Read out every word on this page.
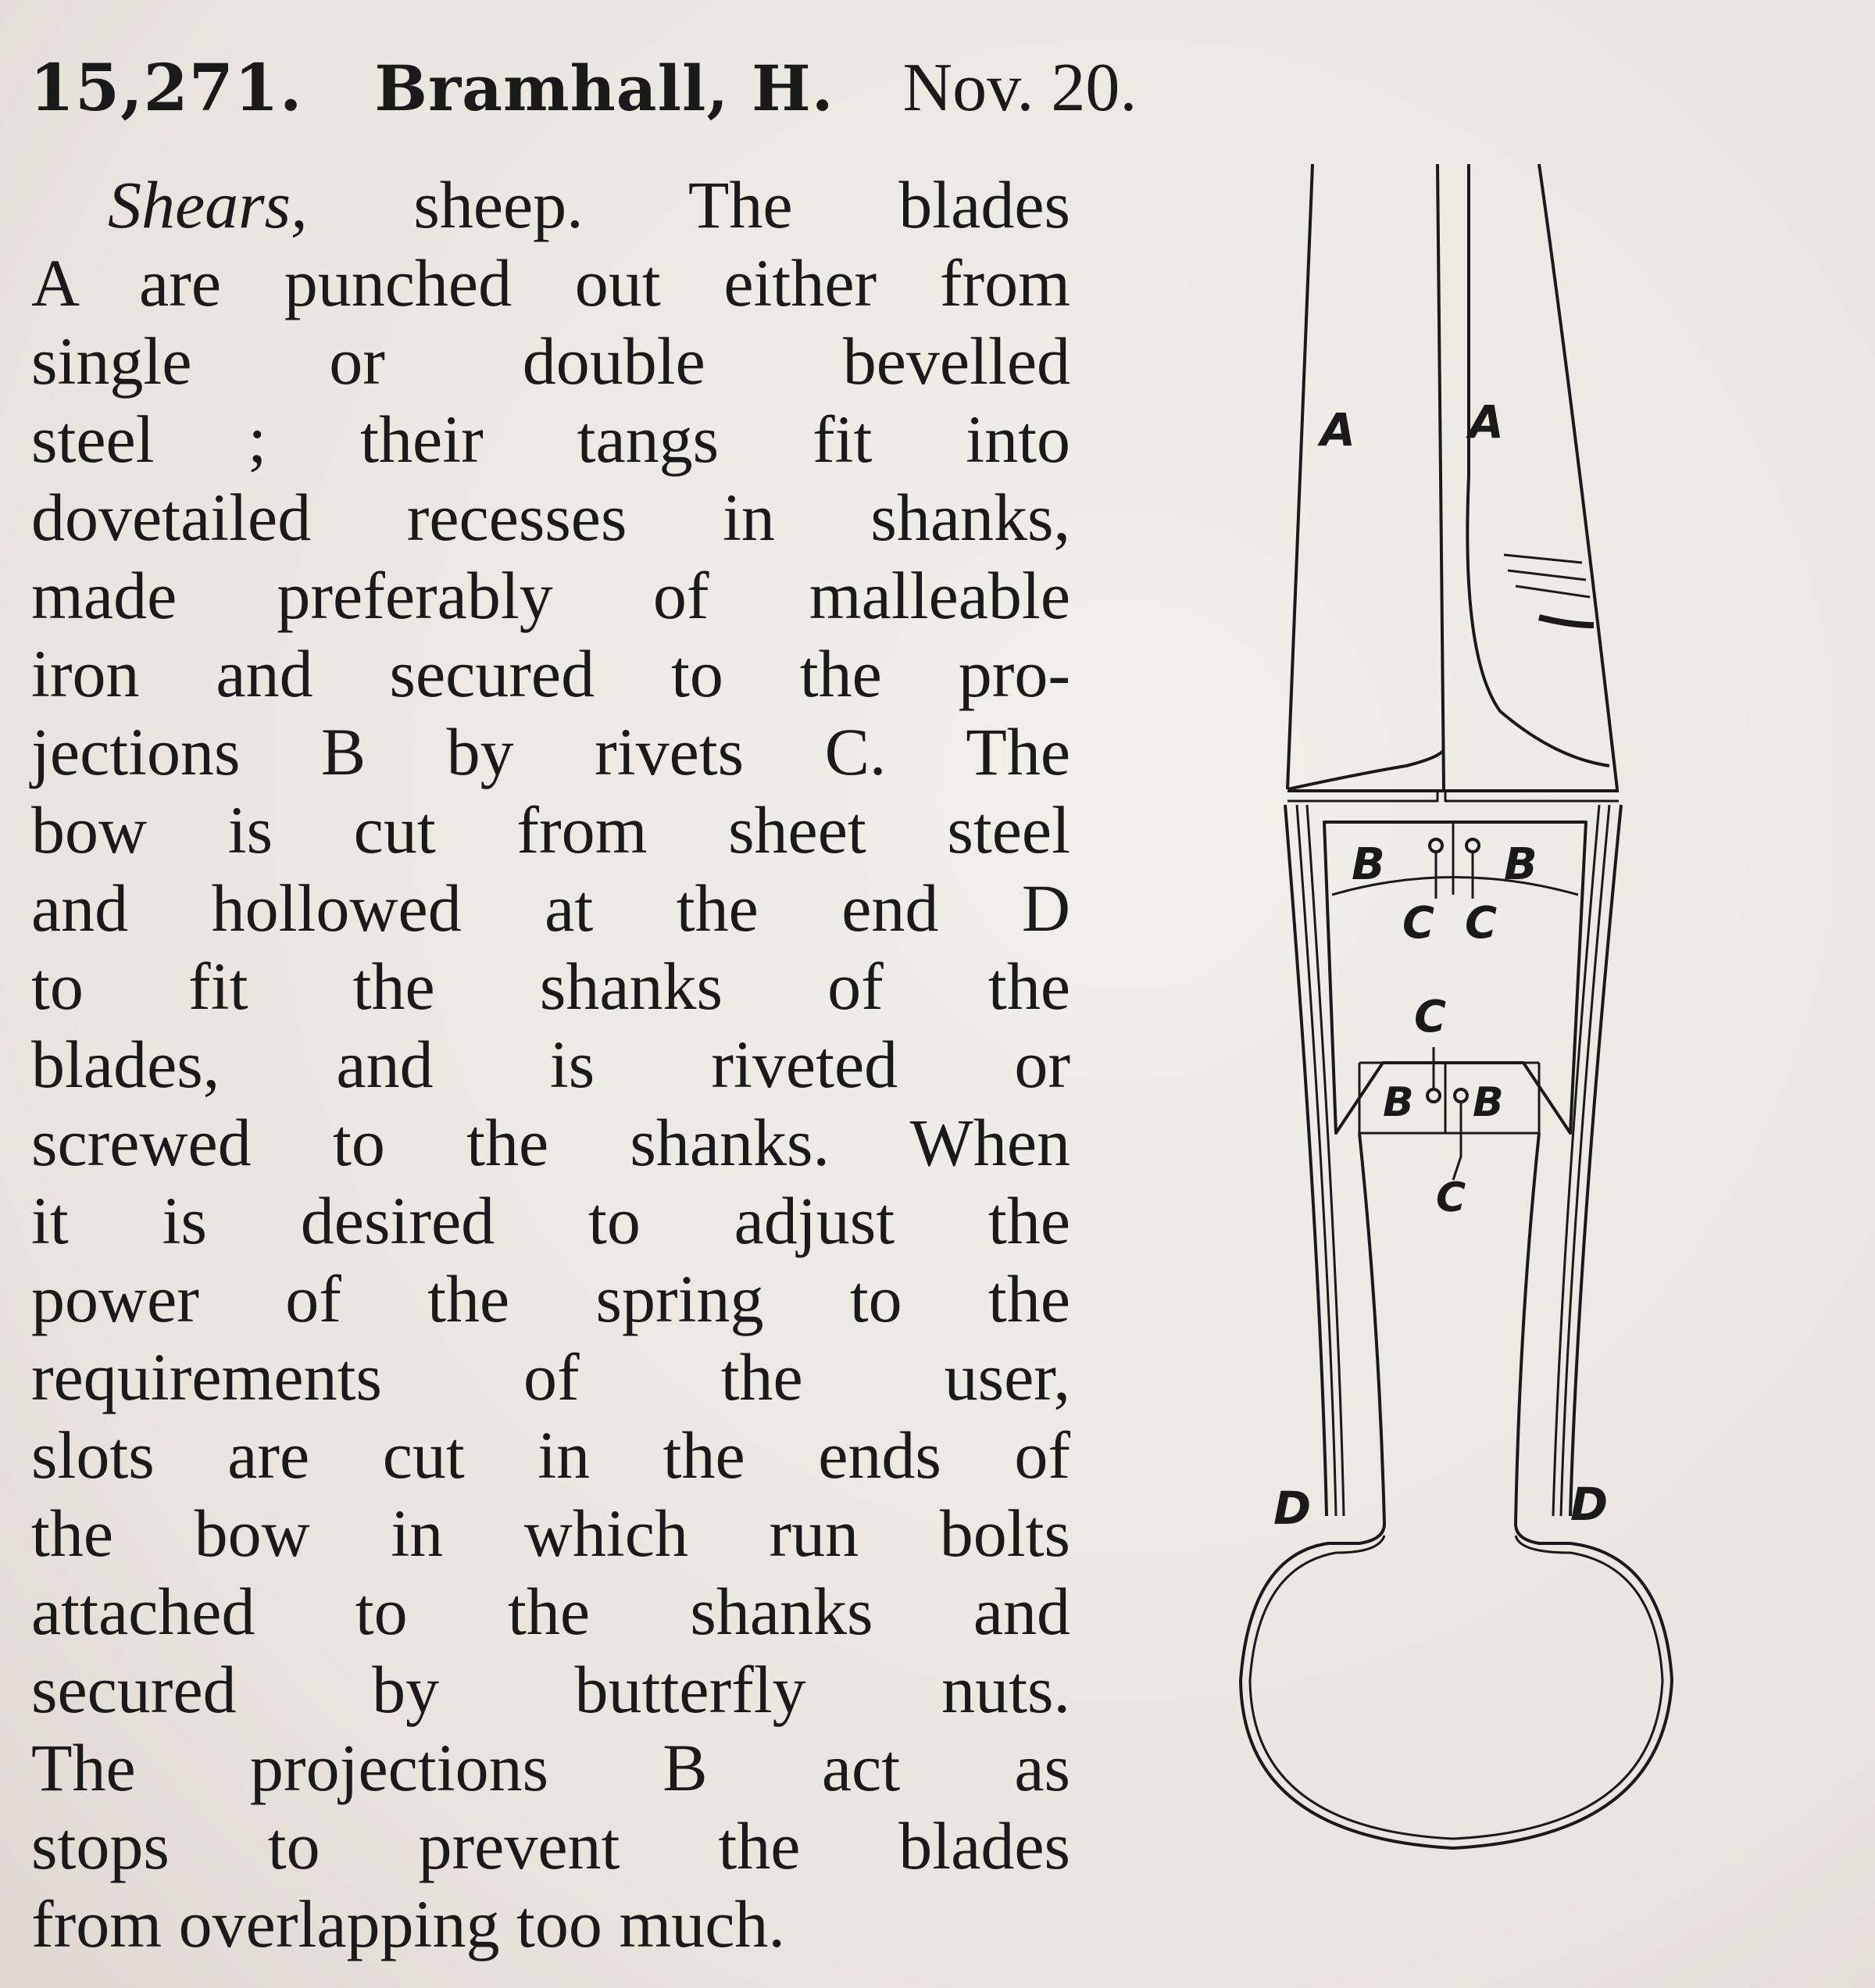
15,271. Bramhall, H. Nov. 20.
Shears, sheep. The blades
A are punched out either from
single or double bevelled
steel ; their tangs fit into
dovetailed recesses in shanks,
made preferably of malleable
iron and secured to the pro-
jections B by rivets C. The
bow is cut from sheet steel
and hollowed at the end D
to fit the shanks of the
blades, and is riveted or
screwed to the shanks. When
it is desired to adjust the
power of the spring to the
requirements of the user,
slots are cut in the ends of
the bow in which run bolts
attached to the shanks and
secured by butterfly nuts.
The projections B act as
stops to prevent the blades
from overlapping too much.
A	A
B	B
C C
C
B B
C
D	D
